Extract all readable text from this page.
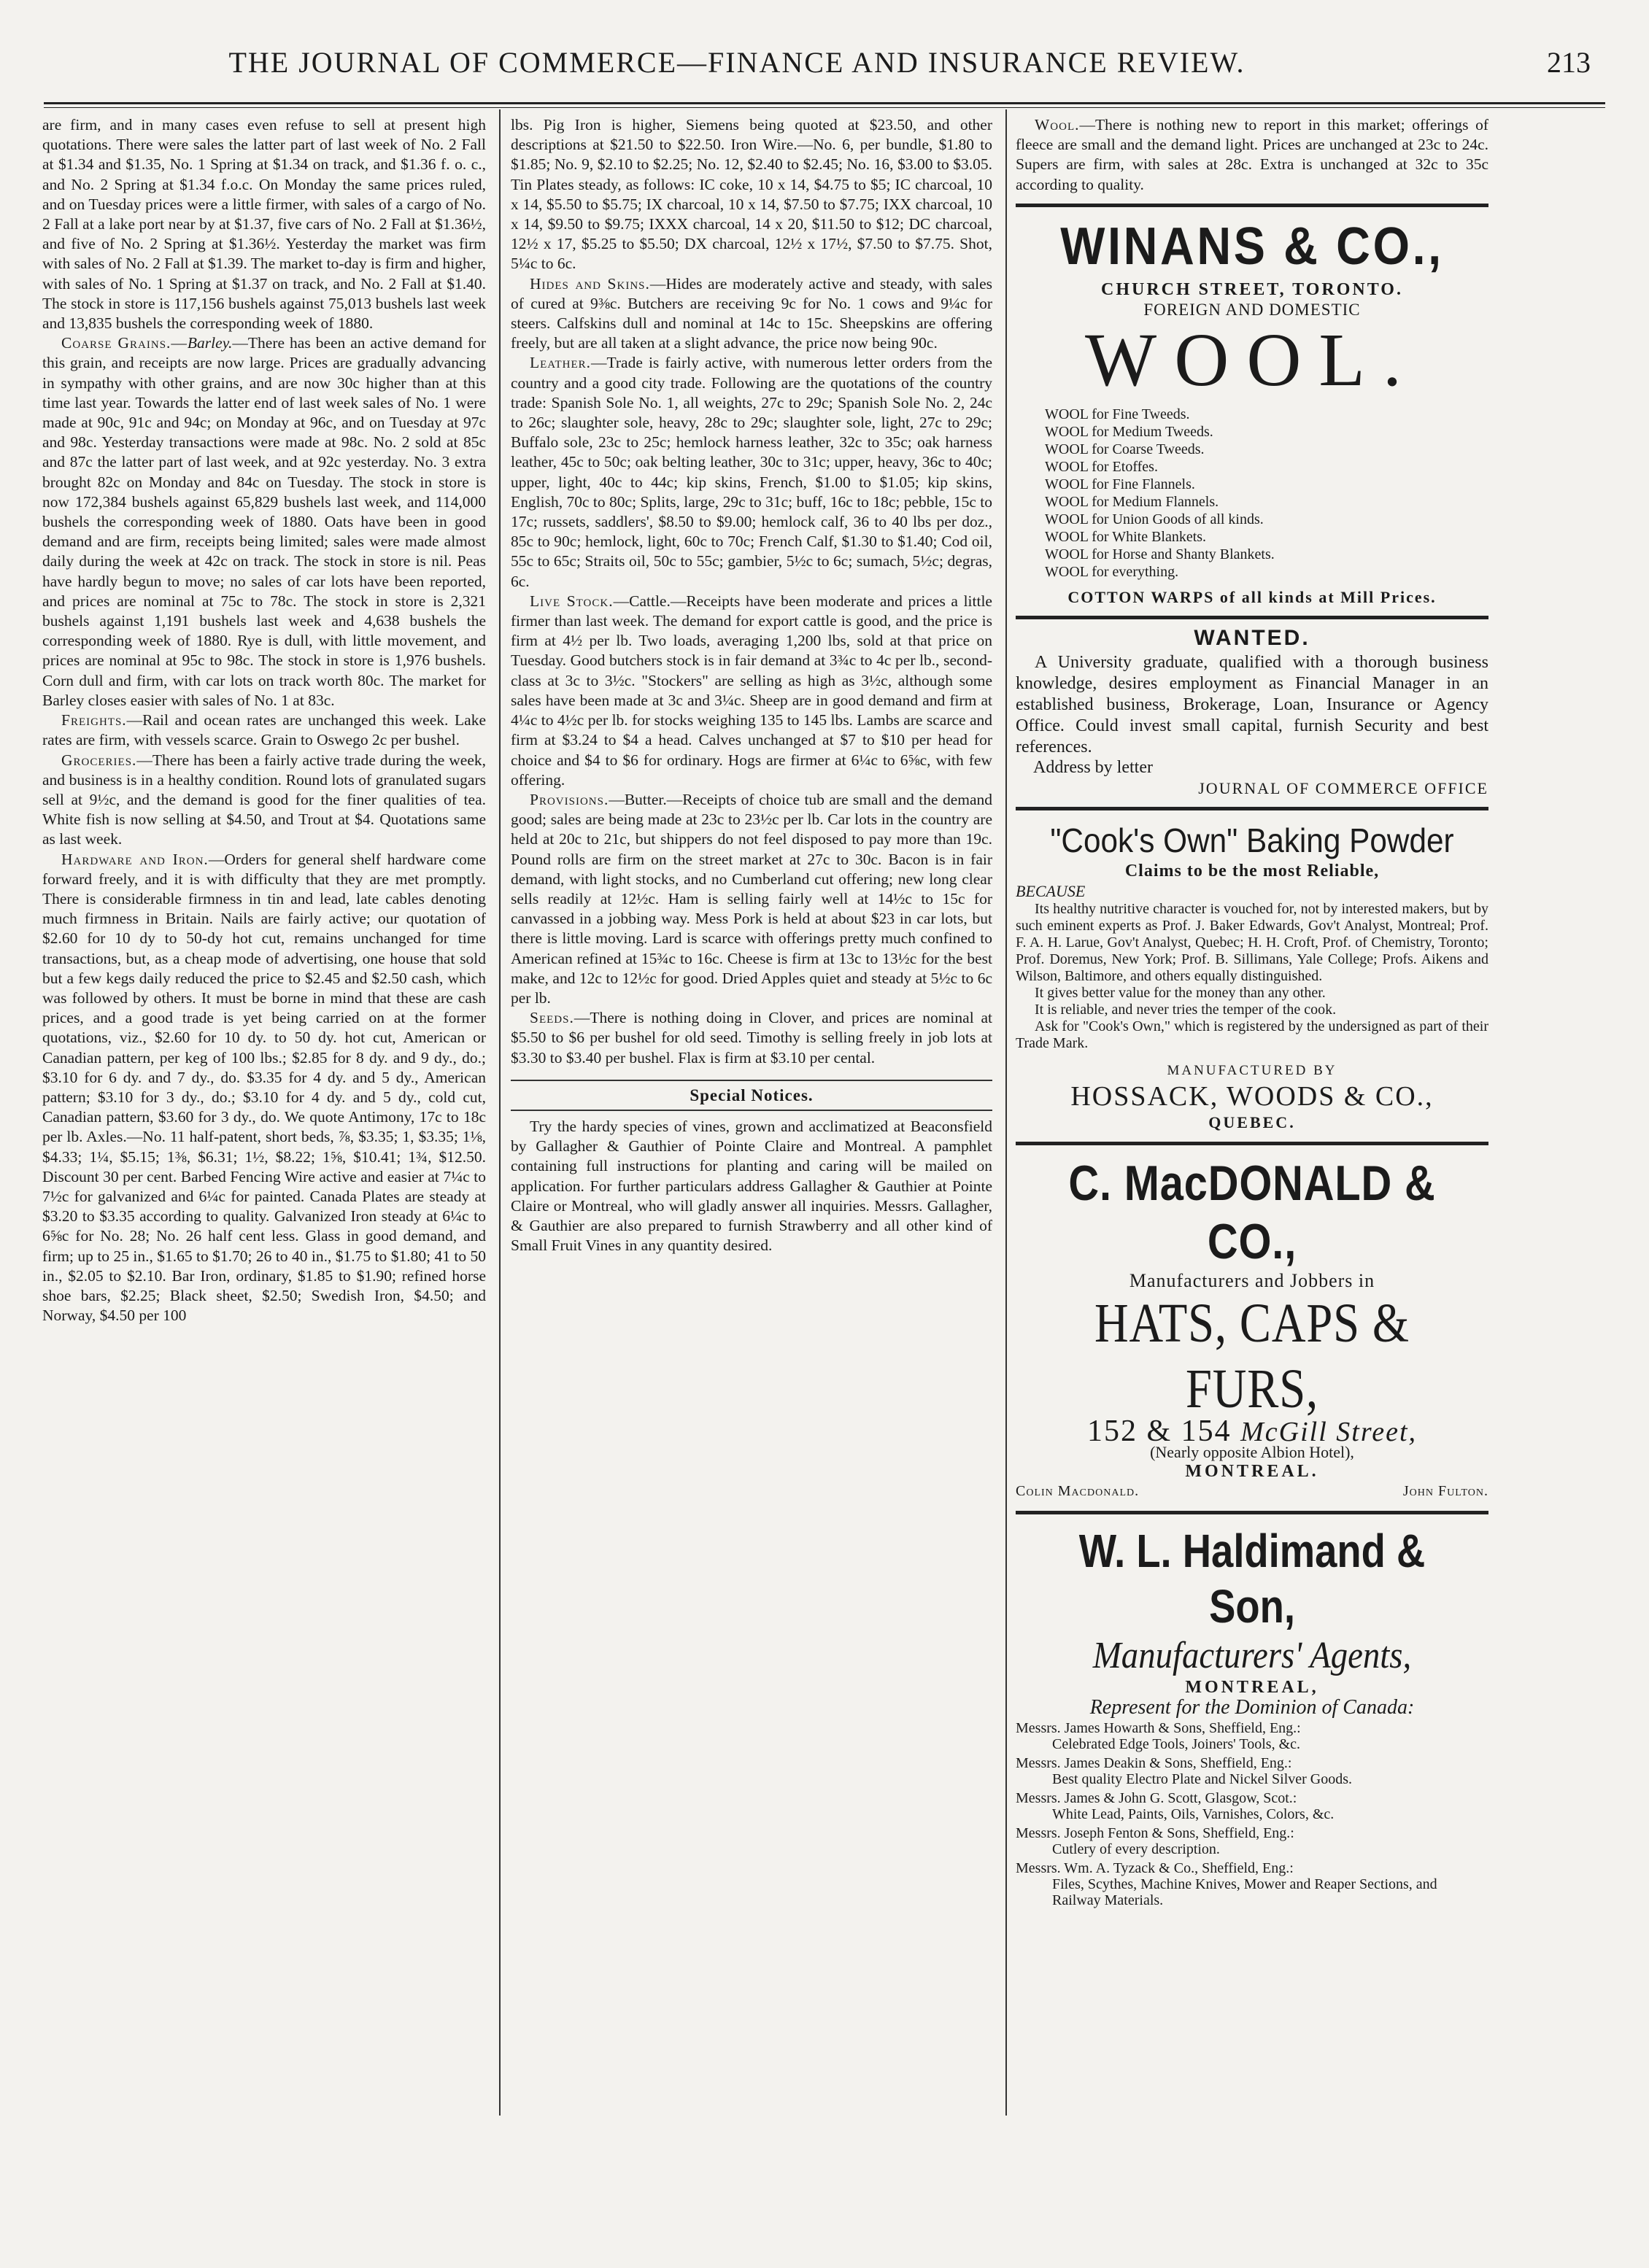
THE JOURNAL OF COMMERCE—FINANCE AND INSURANCE REVIEW.	213

are firm, and in many cases even refuse to sell at present high quotations. There were sales the latter part of last week of No. 2 Fall at $1.34 and $1.35, No. 1 Spring at $1.34 on track, and $1.36 f. o. c., and No. 2 Spring at $1.34 f.o.c. On Monday the same prices ruled, and on Tuesday prices were a little firmer, with sales of a cargo of No. 2 Fall at a lake port near by at $1.37, five cars of No. 2 Fall at $1.36½, and five of No. 2 Spring at $1.36½. Yesterday the market was firm with sales of No. 2 Fall at $1.39. The market to-day is firm and higher, with sales of No. 1 Spring at $1.37 on track, and No. 2 Fall at $1.40. The stock in store is 117,156 bushels against 75,013 bushels last week and 13,835 bushels the corresponding week of 1880.

Coarse Grains.—Barley.—There has been an active demand for this grain, and receipts are now large. Prices are gradually advancing in sympathy with other grains, and are now 30c higher than at this time last year. Towards the latter end of last week sales of No. 1 were made at 90c, 91c and 94c; on Monday at 96c, and on Tuesday at 97c and 98c. Yesterday transactions were made at 98c. No. 2 sold at 85c and 87c the latter part of last week, and at 92c yesterday. No. 3 extra brought 82c on Monday and 84c on Tuesday. The stock in store is now 172,384 bushels against 65,829 bushels last week, and 114,000 bushels the corresponding week of 1880. Oats have been in good demand and are firm, receipts being limited; sales were made almost daily during the week at 42c on track. The stock in store is nil. Peas have hardly begun to move; no sales of car lots have been reported, and prices are nominal at 75c to 78c. The stock in store is 2,321 bushels against 1,191 bushels last week and 4,638 bushels the corresponding week of 1880. Rye is dull, with little movement, and prices are nominal at 95c to 98c. The stock in store is 1,976 bushels. Corn dull and firm, with car lots on track worth 80c. The market for Barley closes easier with sales of No. 1 at 83c.

Freights.—Rail and ocean rates are unchanged this week. Lake rates are firm, with vessels scarce. Grain to Oswego 2c per bushel.

Groceries.—There has been a fairly active trade during the week, and business is in a healthy condition. Round lots of granulated sugars sell at 9½c, and the demand is good for the finer qualities of tea. White fish is now selling at $4.50, and Trout at $4. Quotations same as last week.

Hardware and Iron.—Orders for general shelf hardware come forward freely, and it is with difficulty that they are met promptly. There is considerable firmness in tin and lead, late cables denoting much firmness in Britain. Nails are fairly active; our quotation of $2.60 for 10 dy to 50-dy hot cut, remains unchanged for time transactions, but, as a cheap mode of advertising, one house that sold but a few kegs daily reduced the price to $2.45 and $2.50 cash, which was followed by others. It must be borne in mind that these are cash prices, and a good trade is yet being carried on at the former quotations, viz., $2.60 for 10 dy. to 50 dy. hot cut, American or Canadian pattern, per keg of 100 lbs.; $2.85 for 8 dy. and 9 dy., do.; $3.10 for 6 dy. and 7 dy., do. $3.35 for 4 dy. and 5 dy., American pattern; $3.10 for 3 dy., do.; $3.10 for 4 dy. and 5 dy., cold cut, Canadian pattern, $3.60 for 3 dy., do. We quote Antimony, 17c to 18c per lb. Axles.—No. 11 half-patent, short beds, ⅞, $3.35; 1, $3.35; 1⅛, $4.33; 1¼, $5.15; 1⅜, $6.31; 1½, $8.22; 1⅝, $10.41; 1¾, $12.50. Discount 30 per cent. Barbed Fencing Wire active and easier at 7¼c to 7½c for galvanized and 6¼c for painted. Canada Plates are steady at $3.20 to $3.35 according to quality. Galvanized Iron steady at 6¼c to 6⅝c for No. 28; No. 26 half cent less. Glass in good demand, and firm; up to 25 in., $1.65 to $1.70; 26 to 40 in., $1.75 to $1.80; 41 to 50 in., $2.05 to $2.10. Bar Iron, ordinary, $1.85 to $1.90; refined horse shoe bars, $2.25; Black sheet, $2.50; Swedish Iron, $4.50; and Norway, $4.50 per 100

lbs. Pig Iron is higher, Siemens being quoted at $23.50, and other descriptions at $21.50 to $22.50. Iron Wire.—No. 6, per bundle, $1.80 to $1.85; No. 9, $2.10 to $2.25; No. 12, $2.40 to $2.45; No. 16, $3.00 to $3.05. Tin Plates steady, as follows: IC coke, 10 x 14, $4.75 to $5; IC charcoal, 10 x 14, $5.50 to $5.75; IX charcoal, 10 x 14, $7.50 to $7.75; IXX charcoal, 10 x 14, $9.50 to $9.75; IXXX charcoal, 14 x 20, $11.50 to $12; DC charcoal, 12½ x 17, $5.25 to $5.50; DX charcoal, 12½ x 17½, $7.50 to $7.75. Shot, 5¼c to 6c.

Hides and Skins.—Hides are moderately active and steady, with sales of cured at 9⅜c. Butchers are receiving 9c for No. 1 cows and 9¼c for steers. Calfskins dull and nominal at 14c to 15c. Sheepskins are offering freely, but are all taken at a slight advance, the price now being 90c.

Leather.—Trade is fairly active, with numerous letter orders from the country and a good city trade. Following are the quotations of the country trade: Spanish Sole No. 1, all weights, 27c to 29c; Spanish Sole No. 2, 24c to 26c; slaughter sole, heavy, 28c to 29c; slaughter sole, light, 27c to 29c; Buffalo sole, 23c to 25c; hemlock harness leather, 32c to 35c; oak harness leather, 45c to 50c; oak belting leather, 30c to 31c; upper, heavy, 36c to 40c; upper, light, 40c to 44c; kip skins, French, $1.00 to $1.05; kip skins, English, 70c to 80c; Splits, large, 29c to 31c; buff, 16c to 18c; pebble, 15c to 17c; russets, saddlers', $8.50 to $9.00; hemlock calf, 36 to 40 lbs per doz., 85c to 90c; hemlock, light, 60c to 70c; French Calf, $1.30 to $1.40; Cod oil, 55c to 65c; Straits oil, 50c to 55c; gambier, 5½c to 6c; sumach, 5½c; degras, 6c.

Live Stock.—Cattle.—Receipts have been moderate and prices a little firmer than last week. The demand for export cattle is good, and the price is firm at 4½ per lb. Two loads, averaging 1,200 lbs, sold at that price on Tuesday. Good butchers stock is in fair demand at 3¾c to 4c per lb., second-class at 3c to 3½c. "Stockers" are selling as high as 3½c, although some sales have been made at 3c and 3¼c. Sheep are in good demand and firm at 4¼c to 4½c per lb. for stocks weighing 135 to 145 lbs. Lambs are scarce and firm at $3.24 to $4 a head. Calves unchanged at $7 to $10 per head for choice and $4 to $6 for ordinary. Hogs are firmer at 6¼c to 6⅝c, with few offering.

Provisions.—Butter.—Receipts of choice tub are small and the demand good; sales are being made at 23c to 23½c per lb. Car lots in the country are held at 20c to 21c, but shippers do not feel disposed to pay more than 19c. Pound rolls are firm on the street market at 27c to 30c. Bacon is in fair demand, with light stocks, and no Cumberland cut offering; new long clear sells readily at 12½c. Ham is selling fairly well at 14½c to 15c for canvassed in a jobbing way. Mess Pork is held at about $23 in car lots, but there is little moving. Lard is scarce with offerings pretty much confined to American refined at 15¾c to 16c. Cheese is firm at 13c to 13½c for the best make, and 12c to 12½c for good. Dried Apples quiet and steady at 5½c to 6c per lb.

Seeds.—There is nothing doing in Clover, and prices are nominal at $5.50 to $6 per bushel for old seed. Timothy is selling freely in job lots at $3.30 to $3.40 per bushel. Flax is firm at $3.10 per cental.

Special Notices.

Try the hardy species of vines, grown and acclimatized at Beaconsfield by Gallagher & Gauthier of Pointe Claire and Montreal. A pamphlet containing full instructions for planting and caring will be mailed on application. For further particulars address Gallagher & Gauthier at Pointe Claire or Montreal, who will gladly answer all inquiries. Messrs. Gallagher, & Gauthier are also prepared to furnish Strawberry and all other kind of Small Fruit Vines in any quantity desired.

Wool.—There is nothing new to report in this market; offerings of fleece are small and the demand light. Prices are unchanged at 23c to 24c. Supers are firm, with sales at 28c. Extra is unchanged at 32c to 35c according to quality.

WINANS & CO.,
CHURCH STREET, TORONTO.
FOREIGN AND DOMESTIC
WOOL.
WOOL for Fine Tweeds.
WOOL for Medium Tweeds.
WOOL for Coarse Tweeds.
WOOL for Etoffes.
WOOL for Fine Flannels.
WOOL for Medium Flannels.
WOOL for Union Goods of all kinds.
WOOL for White Blankets.
WOOL for Horse and Shanty Blankets.
WOOL for everything.
COTTON WARPS of all kinds at Mill Prices.
WANTED.

A University graduate, qualified with a thorough business knowledge, desires employment as Financial Manager in an established business, Brokerage, Loan, Insurance or Agency Office. Could invest small capital, furnish Security and best references.

Address by letter
JOURNAL OF COMMERCE OFFICE
"Cook's Own" Baking Powder
Claims to be the most Reliable,
BECAUSE

Its healthy nutritive character is vouched for, not by interested makers, but by such eminent experts as Prof. J. Baker Edwards, Gov't Analyst, Montreal; Prof. F. A. H. Larue, Gov't Analyst, Quebec; H. H. Croft, Prof. of Chemistry, Toronto; Prof. Doremus, New York; Prof. B. Sillimans, Yale College; Profs. Aikens and Wilson, Baltimore, and others equally distinguished.

It gives better value for the money than any other.

It is reliable, and never tries the temper of the cook.

Ask for "Cook's Own," which is registered by the undersigned as part of their Trade Mark.

MANUFACTURED BY
HOSSACK, WOODS & CO.,
QUEBEC.
C. MacDONALD & CO.,
Manufacturers and Jobbers in
HATS, CAPS & FURS,
152 & 154 McGill Street,
(Nearly opposite Albion Hotel),
MONTREAL.
Colin Macdonald.	John Fulton.
W. L. Haldimand & Son,
Manufacturers' Agents,
MONTREAL,
Represent for the Dominion of Canada:
Messrs. James Howarth & Sons, Sheffield, Eng.:
Celebrated Edge Tools, Joiners' Tools, &c.
Messrs. James Deakin & Sons, Sheffield, Eng.:
Best quality Electro Plate and Nickel Silver Goods.
Messrs. James & John G. Scott, Glasgow, Scot.:
White Lead, Paints, Oils, Varnishes, Colors, &c.
Messrs. Joseph Fenton & Sons, Sheffield, Eng.:
Cutlery of every description.
Messrs. Wm. A. Tyzack & Co., Sheffield, Eng.:
Files, Scythes, Machine Knives, Mower and Reaper Sections, and Railway Materials.
